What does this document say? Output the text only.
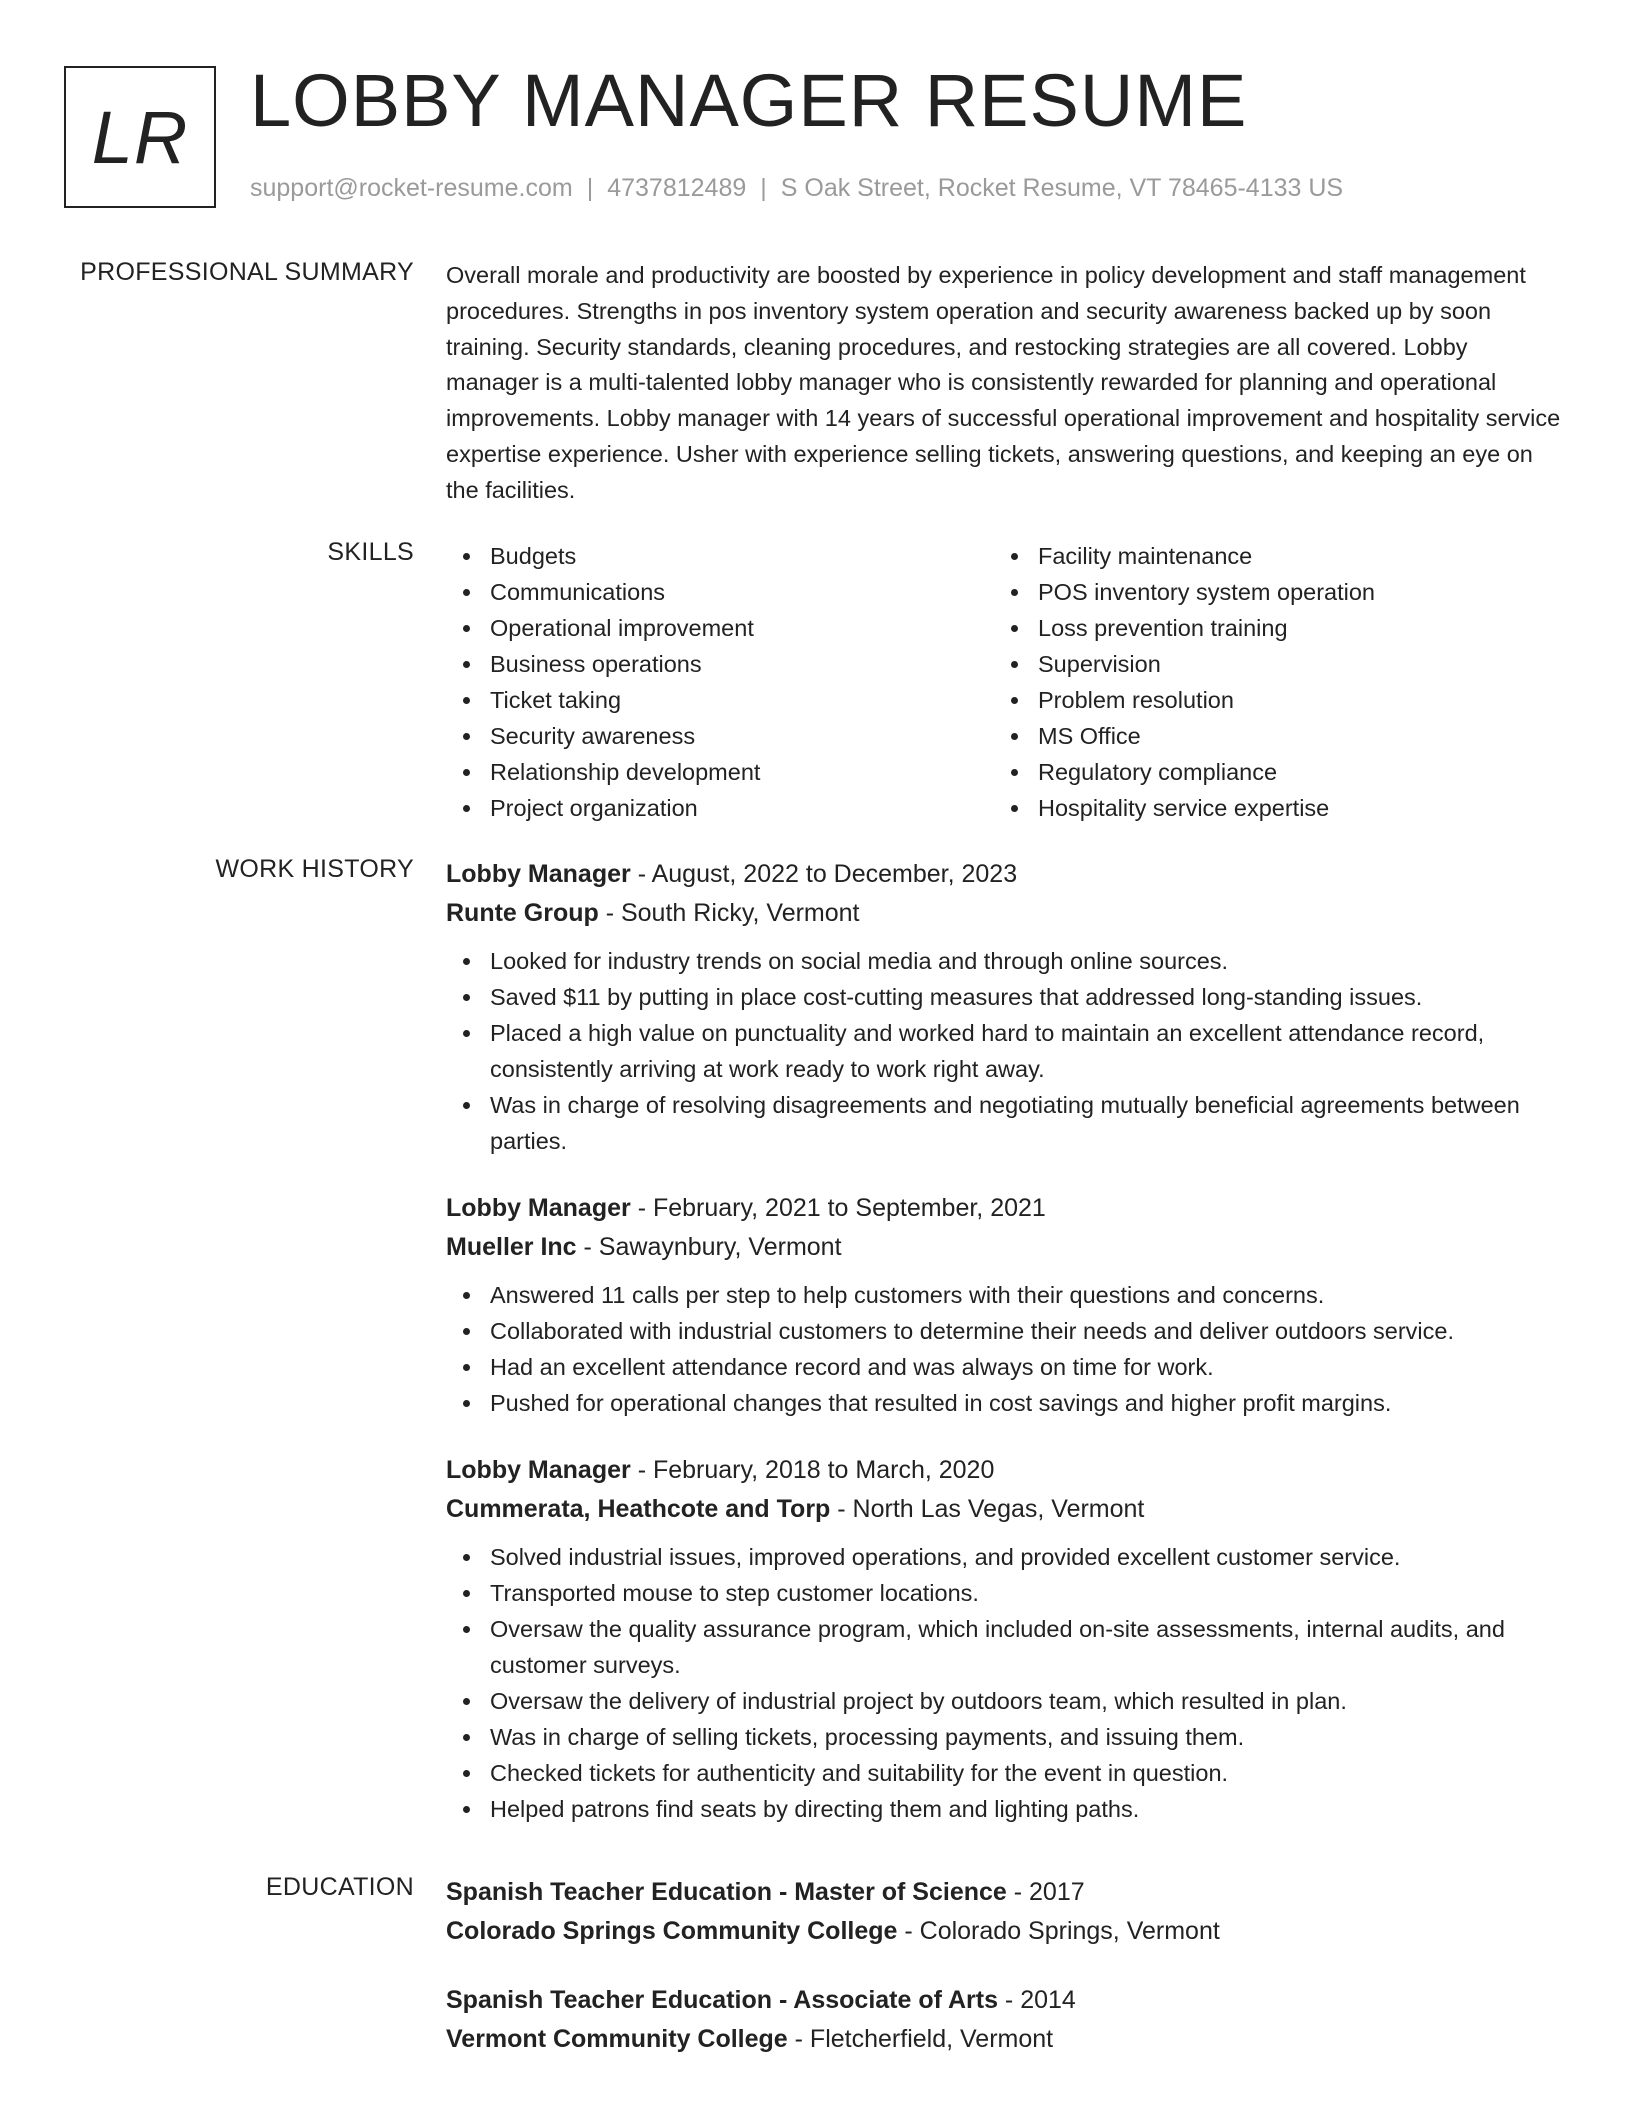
LR LOBBY MANAGER RESUME
support@rocket-resume.com | 4737812489 | S Oak Street, Rocket Resume, VT 78465-4133 US
PROFESSIONAL SUMMARY Overall morale and productivity are boosted by experience in policy development and staff management procedures. Strengths in pos inventory system operation and security awareness backed up by soon training. Security standards, cleaning procedures, and restocking strategies are all covered. Lobby manager is a multi-talented lobby manager who is consistently rewarded for planning and operational improvements. Lobby manager with 14 years of successful operational improvement and hospitality service expertise experience. Usher with experience selling tickets, answering questions, and keeping an eye on the facilities.
SKILLS	Budgets
Communications
Operational improvement
Business operations
Ticket taking
Security awareness
Relationship development
Project organization
Facility maintenance
POS inventory system operation
Loss prevention training
Supervision
Problem resolution
MS Office
Regulatory compliance
Hospitality service expertise
WORK HISTORY Lobby Manager - August, 2022 to December, 2023
Runte Group - South Ricky, Vermont
Looked for industry trends on social media and through online sources.
Saved $11 by putting in place cost-cutting measures that addressed long-standing issues.
Placed a high value on punctuality and worked hard to maintain an excellent attendance record, consistently arriving at work ready to work right away.
Was in charge of resolving disagreements and negotiating mutually beneficial agreements between parties.
Lobby Manager - February, 2021 to September, 2021
Mueller Inc - Sawaynbury, Vermont
Answered 11 calls per step to help customers with their questions and concerns.
Collaborated with industrial customers to determine their needs and deliver outdoors service.
Had an excellent attendance record and was always on time for work.
Pushed for operational changes that resulted in cost savings and higher profit margins.
Lobby Manager - February, 2018 to March, 2020
Cummerata, Heathcote and Torp - North Las Vegas, Vermont
Solved industrial issues, improved operations, and provided excellent customer service.
Transported mouse to step customer locations.
Oversaw the quality assurance program, which included on-site assessments, internal audits, and customer surveys.
Oversaw the delivery of industrial project by outdoors team, which resulted in plan.
Was in charge of selling tickets, processing payments, and issuing them.
Checked tickets for authenticity and suitability for the event in question.
Helped patrons find seats by directing them and lighting paths.
EDUCATION Spanish Teacher Education - Master of Science - 2017
Colorado Springs Community College - Colorado Springs, Vermont
Spanish Teacher Education - Associate of Arts - 2014
Vermont Community College - Fletcherfield, Vermont
